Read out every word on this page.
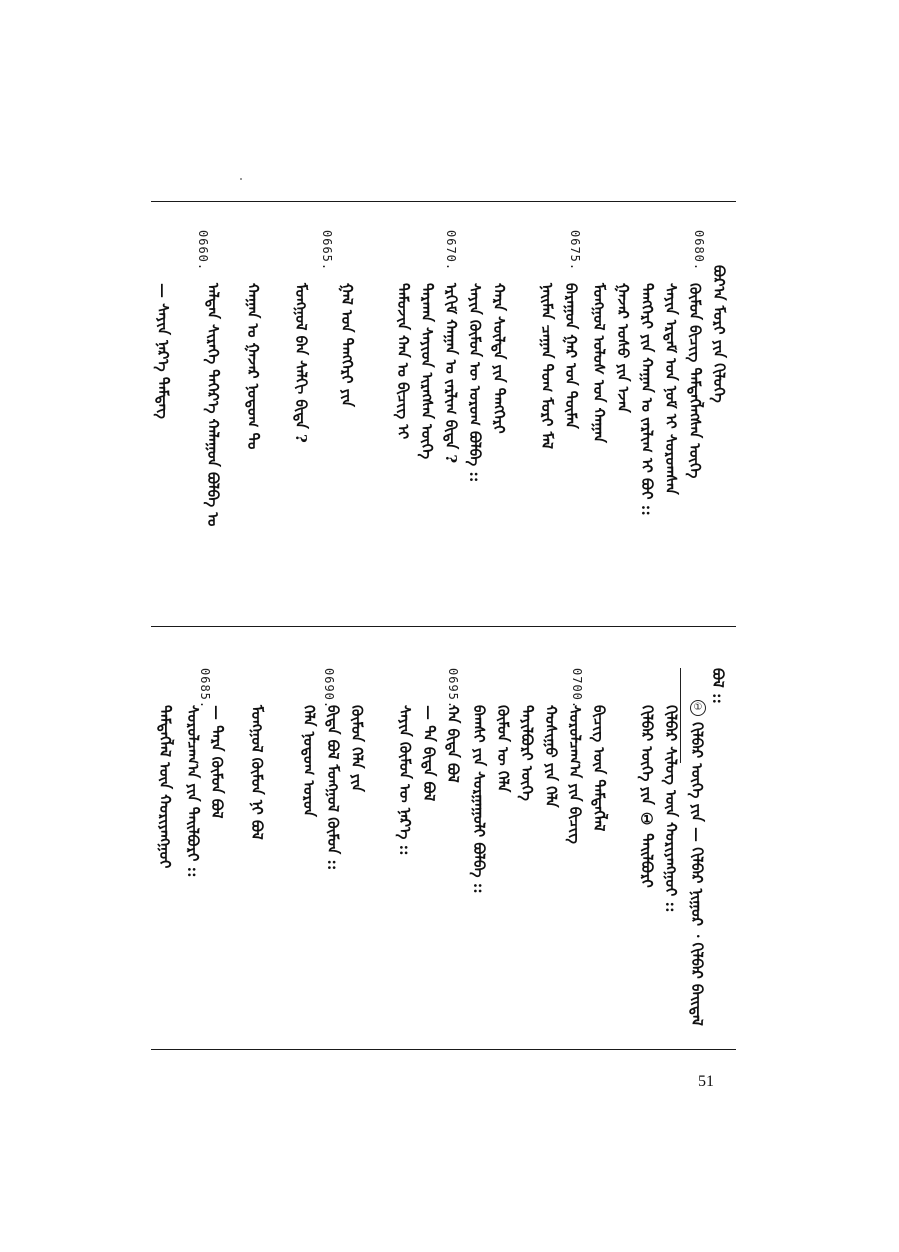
0680.
0675.
0670.
0665.
0660.
ᠪᠣᠷ᠎ᠠ ᠮᠣᠷᠢ ᠶᠢᠨ ᠬᠢᠯᠦᠭᠡ
ᠬᠦᠮᠦᠨ ᠪᠢᠴᠢᠭ ᠲᠡᠮᠳᠡᠭᠯᠡᠭᠰᠡᠨ ᠦᠭᠡ
ᠰᠠᠶᠢᠨ ᠡᠷᠳᠡᠮ ᠤᠨ ᠨᠣᠮ ᠢ ᠰᠤᠷᠤᠭᠰᠠᠨ
ᠲᠡᠩᠭᠡᠷᠢ ᠶᠢᠨ ᠬᠠᠭᠠᠨ ᠤ ᠵᠠᠷᠯᠢᠭ ᠢ ᠪᠤᠢ ::
ᠭᠠᠵᠠᠷ ᠤᠰᠤ ᠶᠢᠨ ᠡᠵᠡᠨ
ᠮᠣᠩᠭᠣᠯ ᠤᠯᠤᠰ ᠤᠨ ᠬᠠᠭᠠᠨ
ᠪᠠᠷᠠᠭᠤᠨ ᠭᠠᠷ ᠤᠨ ᠲᠦᠮᠡᠨ
ᠨᠠᠢᠮᠠᠨ ᠴᠠᠭᠠᠨ ᠲᠤᠭ ᠮᠣᠷᠢ ᠮᠠᠯ
ᠬᠠᠷᠠ ᠰᠦᠯᠳᠡ ᠶᠢᠨ ᠲᠡᠩᠭᠡᠷᠢ
ᠰᠠᠶᠢᠨ ᠬᠦᠮᠦᠨ ᠦ ᠤᠷᠤᠭ ᠪᠣᠯᠪᠠ ::
ᠡᠷᠬᠢᠮ ᠬᠠᠭᠠᠨ ᠤ ᠵᠠᠷᠯᠢᠭ ᠪᠢᠳᠡ ?
ᠳᠠᠷᠬᠠᠨ ᠰᠠᠶᠢᠳ ᠢᠷᠡᠭᠰᠡᠨ ᠦᠭᠡ
ᠲᠡᠮᠦᠵᠢᠨ ᠬᠠᠨ ᠤ ᠪᠢᠴᠢᠭ ᠢ
ᠭᠠᠯ ᠤᠨ ᠲᠡᠩᠭᠡᠷᠢ ᠶᠢᠨ
ᠮᠣᠩᠭᠣᠯ ᠪᠠᠨ ᠰᠠᠯᠬᠢ ᠪᠢᠳᠡ ?
ᠬᠠᠭᠠᠨ ᠤ ᠭᠠᠵᠠᠷ ᠨᠤᠲᠤᠭ ᠲᠤ
ᠠᠯᠲᠠᠨ ᠰᠢᠷᠡᠭᠡ ᠲᠡᠭᠡᠷ᠎ᠡ ᠬᠠᠯᠠᠭᠤᠨ ᠪᠣᠯᠪᠠ ᠤ
— ᠰᠠᠶᠢᠨ ᠨᠡᠷ᠎ᠡ ᠲᠡᠮᠳᠡᠭ
ᠪᠣᠯ ::
①
ᠬᠢᠯᠪᠠᠷ ᠦᠭᠡ ᠶᠢᠨ — ᠬᠢᠯᠪᠠᠷ ᠨᠢᠭᠤᠷ ᠂ ᠬᠢᠯᠪᠠᠷ ᠪᠠᠢᠳᠠᠯ
0700.
0695.
0690.
0685.
ᠬᠢᠯᠪᠠᠷ ᠰᠢᠯᠦᠭ ᠦᠨ ᠬᠤᠷᠢᠶᠠᠩᠭᠤᠢ ::
ᠬᠢᠯᠪᠠᠷ ᠦᠭᠡ ᠶᠢᠨ ① ᠲᠠᠢᠯᠪᠤᠷᠢ
ᠪᠢᠴᠢᠭ ᠦᠨ ᠲᠡᠮᠳᠡᠭᠯᠡᠯ
ᠰᠤᠷᠤᠯᠴᠠᠭ᠎ᠠ ᠶᠢᠨ ᠪᠢᠴᠢᠭ
ᠬᠣᠰᠢᠭᠤ ᠶᠢᠨ ᠬᠡᠯᠡ
ᠲᠠᠶᠢᠯᠪᠤᠷᠢ ᠦᠭᠡ
ᠬᠦᠮᠦᠨ ᠦ ᠬᠡᠯᠡ
ᠪᠠᠭᠰᠢ ᠶᠢᠨ ᠰᠤᠷᠭᠠᠭᠤᠯᠢ ᠪᠣᠯᠪᠠ ::
ᠬᠠ ᠪᠢᠳᠡ ᠪᠣᠯ
— ᠲᠡ ᠪᠢᠳᠡ ᠪᠣᠯ
ᠰᠠᠶᠢᠨ ᠬᠦᠮᠦᠨ ᠦ ᠨᠡᠷ᠎ᠡ ::
ᠬᠦᠮᠦᠨ ᠬᠡᠯᠡ ᠶᠢᠨ
ᠪᠢᠳᠡ ᠪᠣᠯ ᠮᠣᠩᠭᠣᠯ ᠬᠦᠮᠦᠨ ::
ᠬᠡᠯᠡ ᠨᠤᠲᠤᠭ ᠣᠷᠣᠨ
ᠮᠣᠩᠭᠣᠯ ᠬᠦᠮᠦᠨ ᠨᠢ ᠪᠣᠯ
— ᠲᠡᠷᠡ ᠬᠦᠮᠦᠨ ᠪᠣᠯ
ᠰᠤᠷᠤᠯᠴᠠᠭ᠎ᠠ ᠶᠢᠨ ᠲᠠᠢᠯᠪᠤᠷᠢ ::
ᠲᠡᠮᠳᠡᠭᠯᠡᠯ ᠦᠨ ᠬᠤᠷᠢᠶᠠᠩᠭᠤᠢ
51
